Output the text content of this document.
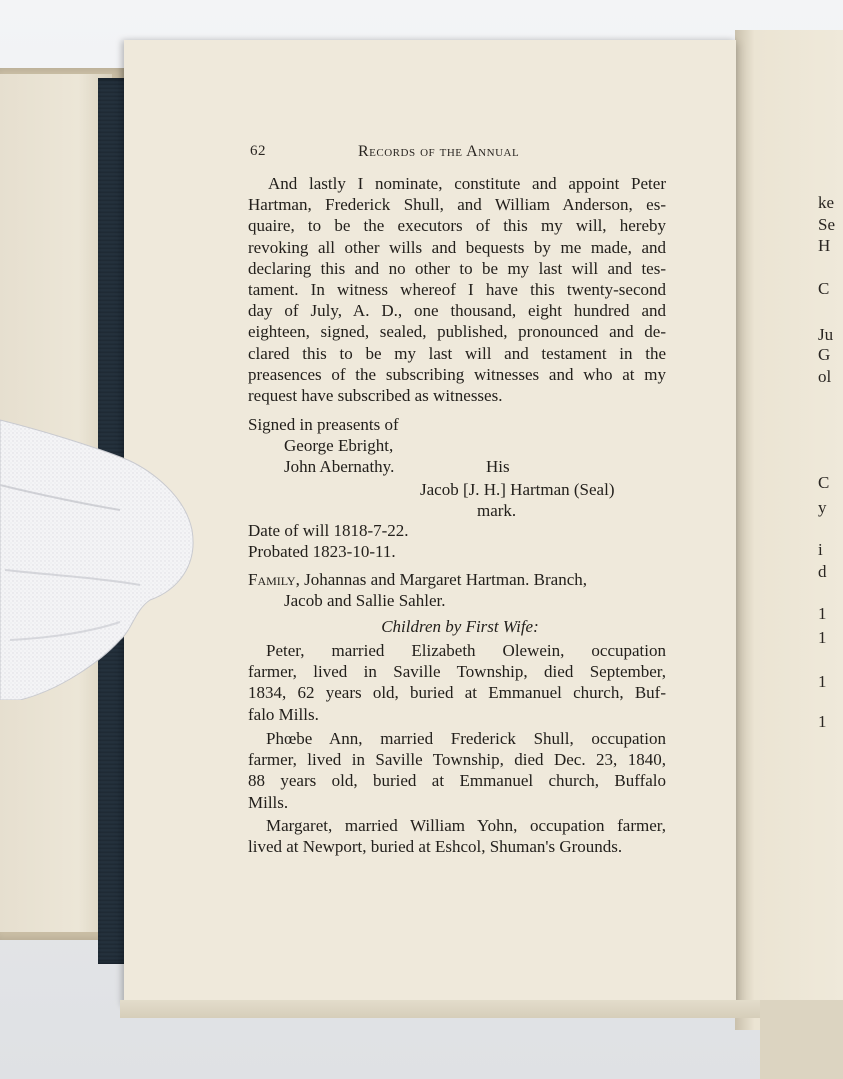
ke
Se
H
C
Ju
G
ol
C
y
i
d
1
1
1
1
62	Records of the Annual
And lastly I nominate, constitute and appoint Peter
Hartman, Frederick Shull, and William Anderson, es-
quaire, to be the executors of this my will, hereby
revoking all other wills and bequests by me made, and
declaring this and no other to be my last will and tes-
tament. In witness whereof I have this twenty-second
day of July, A. D., one thousand, eight hundred and
eighteen, signed, sealed, published, pronounced and de-
clared this to be my last will and testament in the
preasences of the subscribing witnesses and who at my
request have subscribed as witnesses.
Signed in preasents of
George Ebright,
John Abernathy.	His
Jacob [J. H.] Hartman (Seal)
mark.
Date of will 1818-7-22.
Probated 1823-10-11.
Family, Johannas and Margaret Hartman. Branch,
Jacob and Sallie Sahler.
Children by First Wife:
Peter, married Elizabeth Olewein, occupation
farmer, lived in Saville Township, died September,
1834, 62 years old, buried at Emmanuel church, Buf-
falo Mills.
Phœbe Ann, married Frederick Shull, occupation
farmer, lived in Saville Township, died Dec. 23, 1840,
88 years old, buried at Emmanuel church, Buffalo
Mills.
Margaret, married William Yohn, occupation farmer,
lived at Newport, buried at Eshcol, Shuman's Grounds.
